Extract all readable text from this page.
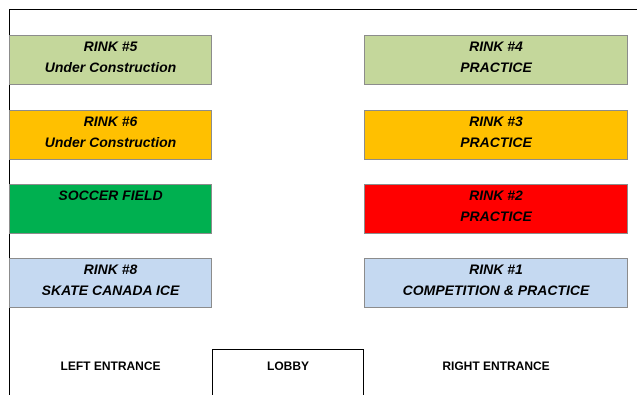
RINK #5
Under Construction
RINK #4
PRACTICE
RINK #6
Under Construction
RINK #3
PRACTICE
SOCCER FIELD	RINK #2
PRACTICE
RINK #8
SKATE CANADA ICE
RINK #1
COMPETITION & PRACTICE
LEFT ENTRANCE	LOBBY	RIGHT ENTRANCE
